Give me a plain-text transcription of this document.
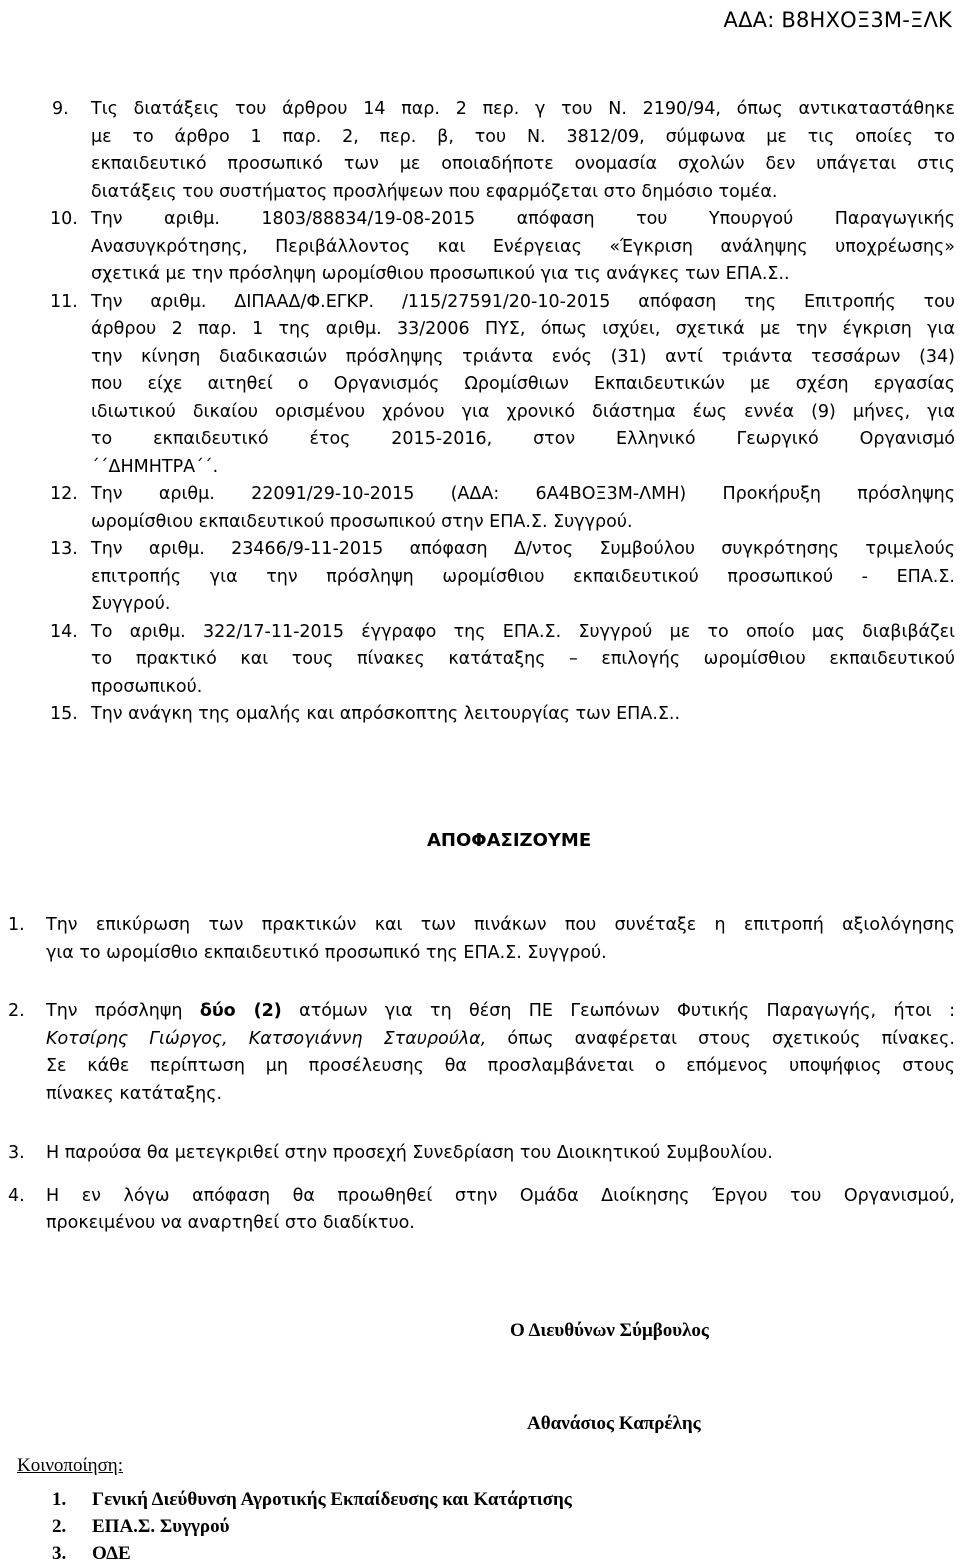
ΑΔΑ: Β8ΗΧΟΞ3Μ-ΞΛΚ
9. Τις διατάξεις του άρθρου 14 παρ. 2 περ. γ του Ν. 2190/94, όπως αντικαταστάθηκε
με το άρθρο 1 παρ. 2, περ. β, του Ν. 3812/09, σύμφωνα με τις οποίες το
εκπαιδευτικό προσωπικό των με οποιαδήποτε ονομασία σχολών δεν υπάγεται στις
διατάξεις του συστήματος προσλήψεων που εφαρμόζεται στο δημόσιο τομέα.
10. Την αριθμ. 1803/88834/19-08-2015 απόφαση του Υπουργού Παραγωγικής
Ανασυγκρότησης, Περιβάλλοντος και Ενέργειας «Έγκριση ανάληψης υποχρέωσης»
σχετικά με την πρόσληψη ωρομίσθιου προσωπικού για τις ανάγκες των ΕΠΑ.Σ..
11. Την αριθμ. ΔΙΠΑΑΔ/Φ.ΕΓΚΡ. /115/27591/20-10-2015 απόφαση της Επιτροπής του
άρθρου 2 παρ. 1 της αριθμ. 33/2006 ΠΥΣ, όπως ισχύει, σχετικά με την έγκριση για
την κίνηση διαδικασιών πρόσληψης τριάντα ενός (31) αντί τριάντα τεσσάρων (34)
που είχε αιτηθεί ο Οργανισμός Ωρομίσθιων Εκπαιδευτικών με σχέση εργασίας
ιδιωτικού δικαίου ορισμένου χρόνου για χρονικό διάστημα έως εννέα (9) μήνες, για
το εκπαιδευτικό έτος 2015-2016, στον Ελληνικό Γεωργικό Οργανισμό
΄΄ΔΗΜΗΤΡΑ΄΄.
12. Την αριθμ. 22091/29-10-2015 (ΑΔΑ: 6Α4ΒΟΞ3Μ-ΛΜΗ) Προκήρυξη πρόσληψης
ωρομίσθιου εκπαιδευτικού προσωπικού στην ΕΠΑ.Σ. Συγγρού.
13. Την αριθμ. 23466/9-11-2015 απόφαση Δ/ντος Συμβούλου συγκρότησης τριμελούς
επιτροπής για την πρόσληψη ωρομίσθιου εκπαιδευτικού προσωπικού - ΕΠΑ.Σ.
Συγγρού.
14. Το αριθμ. 322/17-11-2015 έγγραφο της ΕΠΑ.Σ. Συγγρού με το οποίο μας διαβιβάζει
το πρακτικό και τους πίνακες κατάταξης – επιλογής ωρομίσθιου εκπαιδευτικού
προσωπικού.
15. Την ανάγκη της ομαλής και απρόσκοπτης λειτουργίας των ΕΠΑ.Σ..
ΑΠΟΦΑΣΙΖΟΥΜΕ
1. Την επικύρωση των πρακτικών και των πινάκων που συνέταξε η επιτροπή αξιολόγησης
για το ωρομίσθιο εκπαιδευτικό προσωπικό της ΕΠΑ.Σ. Συγγρού.
2. Την πρόσληψη δύο (2) ατόμων για τη θέση ΠΕ Γεωπόνων Φυτικής Παραγωγής, ήτοι :
Κοτσίρης Γιώργος, Κατσογιάννη Σταυρούλα, όπως αναφέρεται στους σχετικούς πίνακες.
Σε κάθε περίπτωση μη προσέλευσης θα προσλαμβάνεται ο επόμενος υποψήφιος στους
πίνακες κατάταξης.
3. Η παρούσα θα μετεγκριθεί στην προσεχή Συνεδρίαση του Διοικητικού Συμβουλίου.
4. Η εν λόγω απόφαση θα προωθηθεί στην Ομάδα Διοίκησης Έργου του Οργανισμού,
προκειμένου να αναρτηθεί στο διαδίκτυο.
Ο Διευθύνων Σύμβουλος
Αθανάσιος Καπρέλης
Κοινοποίηση:
1. Γενική Διεύθυνση Αγροτικής Εκπαίδευσης και Κατάρτισης
2. ΕΠΑ.Σ. Συγγρού
3. ΟΔΕ
